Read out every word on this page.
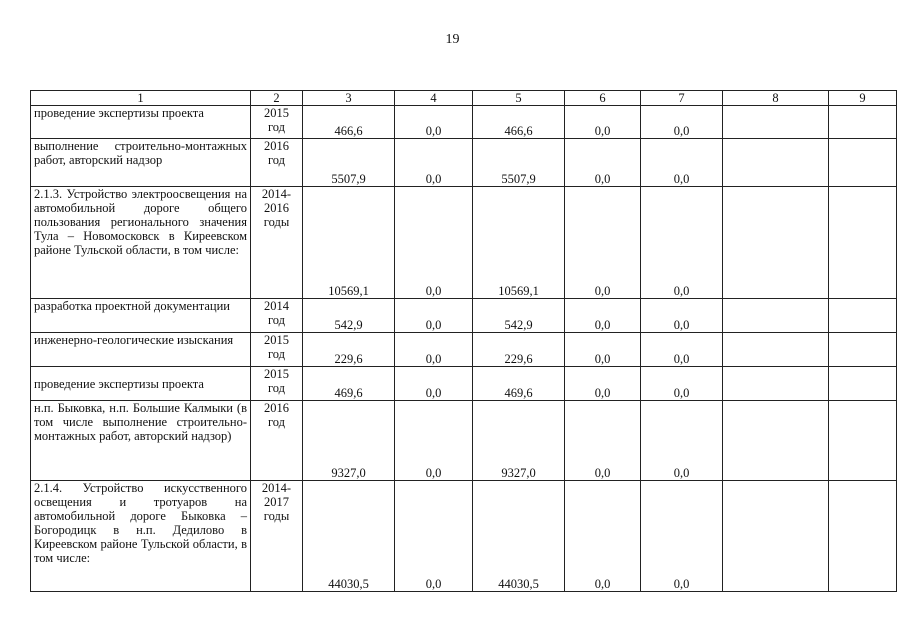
19
1	2	3	4	5	6	7	8	9
проведение экспертизы проекта	2015 год	466,6	0,0	466,6	0,0	0,0		
выполнение строительно-монтажных работ, авторский надзор	2016 год	5507,9	0,0	5507,9	0,0	0,0		
2.1.3. Устройство электроосвещения на автомобильной дороге общего пользования регионального значения Тула – Новомосковск в Киреевском районе Тульской области, в том числе:	2014-2016 годы	10569,1	0,0	10569,1	0,0	0,0		
разработка проектной документации	2014 год	542,9	0,0	542,9	0,0	0,0		
инженерно-геологические изыскания	2015 год	229,6	0,0	229,6	0,0	0,0		
проведение экспертизы проекта	2015 год	469,6	0,0	469,6	0,0	0,0		
н.п. Быковка, н.п. Большие Калмыки (в том числе выполнение строительно-монтажных работ, авторский надзор)	2016 год	9327,0	0,0	9327,0	0,0	0,0		
2.1.4. Устройство искусственного освещения и тротуаров на автомобильной дороге Быковка – Богородицк в н.п. Дедилово в Киреевском районе Тульской области, в том числе:	2014-2017 годы	44030,5	0,0	44030,5	0,0	0,0		
